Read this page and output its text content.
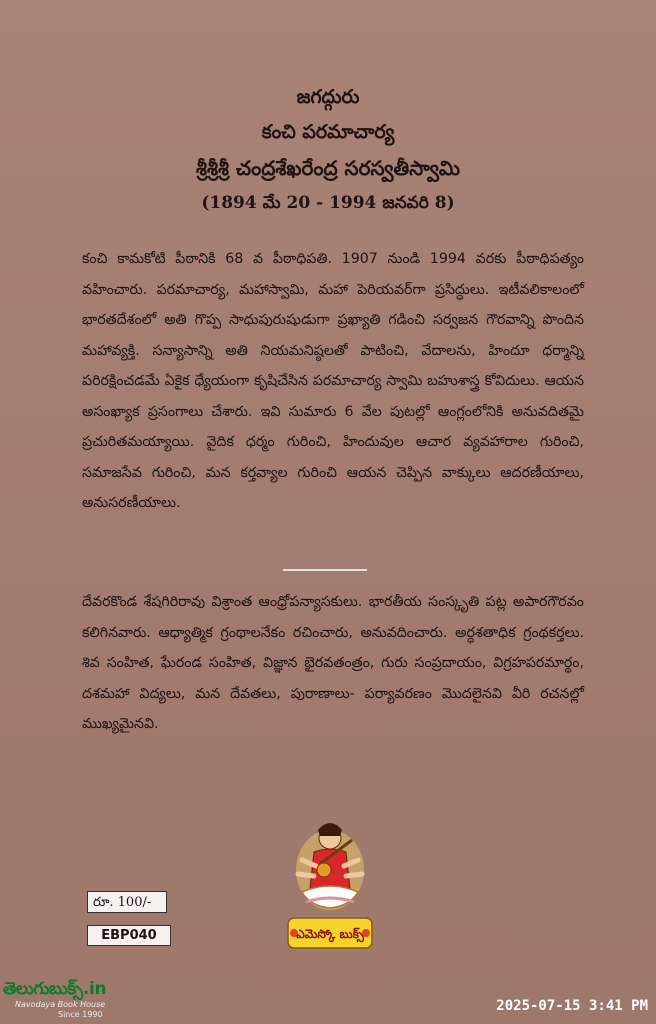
జగద్గురు
కంచి పరమాచార్య
శ్రీశ్రీశ్రీ చంద్రశేఖరేంద్ర సరస్వతీస్వామి
(1894 మే 20 - 1994 జనవరి 8)
కంచి కామకోటి పీఠానికి 68 వ పీఠాధిపతి. 1907 నుండి 1994 వరకు పీఠాధిపత్యం వహించారు. పరమాచార్య, మహాస్వామి, మహా పెరియవర్‌గా ప్రసిద్ధులు. ఇటీవలికాలంలో భారతదేశంలో అతి గొప్ప సాధుపురుషుడుగా ప్రఖ్యాతి గడించి సర్వజన గౌరవాన్ని పొందిన మహావ్యక్తి. సన్యాసాన్ని అతి నియమనిష్ఠలతో పాటించి, వేదాలను, హిందూ ధర్మాన్ని పరిరక్షించడమే ఏకైక ధ్యేయంగా కృషిచేసిన పరమాచార్య స్వామి బహుశాస్త్ర కోవిదులు. ఆయన అసంఖ్యాక ప్రసంగాలు చేశారు. ఇవి సుమారు 6 వేల పుటల్లో ఆంగ్లంలోనికి అనువదితమై ప్రచురితమయ్యాయి. వైదిక ధర్మం గురించి, హిందువుల ఆచార వ్యవహారాల గురించి, సమాజసేవ గురించి, మన కర్తవ్యాల గురించి ఆయన చెప్పిన వాక్కులు ఆదరణీయాలు, అనుసరణీయాలు.
దేవరకొండ శేషగిరిరావు విశ్రాంత ఆంధ్రోపన్యాసకులు. భారతీయ సంస్కృతి పట్ల అపారగౌరవం కలిగినవారు. ఆధ్యాత్మిక గ్రంథాలనేకం రచించారు, అనువదించారు. అర్ధశతాధిక గ్రంథకర్తలు. శివ సంహిత, ఘేరండ సంహిత, విజ్ఞాన భైరవతంత్రం, గురు సంప్రదాయం, విగ్రహపరమార్థం, దశమహా విద్యలు, మన దేవతలు, పురాణాలు- పర్యావరణం మొదలైనవి వీరి రచనల్లో ముఖ్యమైనవి.
ఎమెస్కో బుక్స్
రూ. 100/-
EBP040
తెలుగుబుక్స్.in
Navodaya Book House
Since 1990
2025-07-15 3:41 PM
